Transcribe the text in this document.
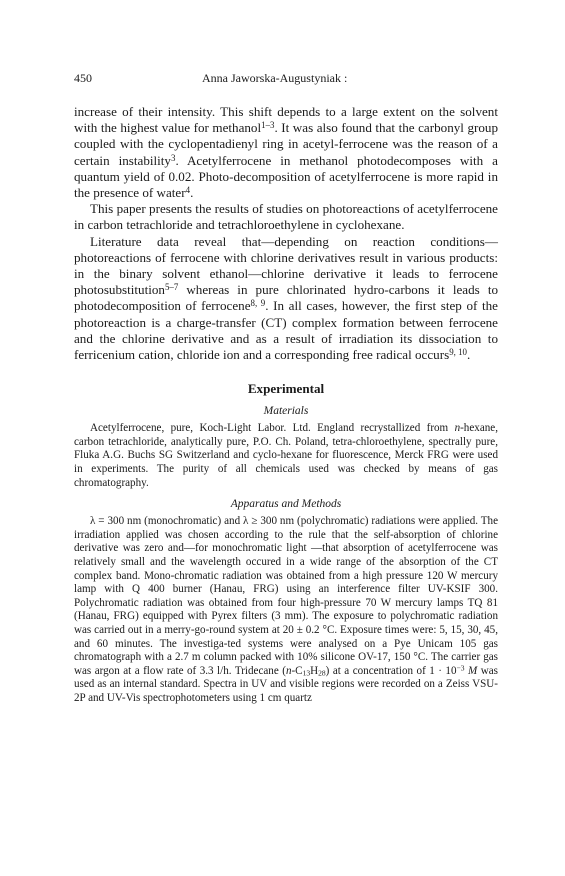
450	Anna Jaworska-Augustyniak :

increase of their intensity. This shift depends to a large extent on the solvent with the highest value for methanol$^{1-3}$. It was also found that the carbonyl group coupled with the cyclopentadienyl ring in acetyl-ferrocene was the reason of a certain instability$^3$. Acetylferrocene in methanol photodecomposes with a quantum yield of 0.02. Photo-decomposition of acetylferrocene is more rapid in the presence of water$^4$.

This paper presents the results of studies on photoreactions of acetylferrocene in carbon tetrachloride and tetrachloroethylene in cyclohexane.

Literature data reveal that—depending on reaction conditions—photoreactions of ferrocene with chlorine derivatives result in various products: in the binary solvent ethanol—chlorine derivative it leads to ferrocene photosubstitution$^{5-7}$ whereas in pure chlorinated hydro-carbons it leads to photodecomposition of ferrocene$^{8, 9}$. In all cases, however, the first step of the photoreaction is a charge-transfer (CT) complex formation between ferrocene and the chlorine derivative and as a result of irradiation its dissociation to ferricenium cation, chloride ion and a corresponding free radical occurs$^{9, 10}$.

Experimental
Materials

Acetylferrocene, pure, Koch-Light Labor. Ltd. England recrystallized from n-hexane, carbon tetrachloride, analytically pure, P.O. Ch. Poland, tetra-chloroethylene, spectrally pure, Fluka A.G. Buchs SG Switzerland and cyclo-hexane for fluorescence, Merck FRG were used in experiments. The purity of all chemicals used was checked by means of gas chromatography.

Apparatus and Methods

λ = 300 nm (monochromatic) and λ ≥ 300 nm (polychromatic) radiations were applied. The irradiation applied was chosen according to the rule that the self-absorption of chlorine derivative was zero and—for monochromatic light —that absorption of acetylferrocene was relatively small and the wavelength occured in a wide range of the absorption of the CT complex band. Mono-chromatic radiation was obtained from a high pressure 120 W mercury lamp with Q 400 burner (Hanau, FRG) using an interference filter UV-KSIF 300. Polychromatic radiation was obtained from four high-pressure 70 W mercury lamps TQ 81 (Hanau, FRG) equipped with Pyrex filters (3 mm). The exposure to polychromatic radiation was carried out in a merry-go-round system at 20 ± 0.2 °C. Exposure times were: 5, 15, 30, 45, and 60 minutes. The investiga-ted systems were analysed on a Pye Unicam 105 gas chromatograph with a 2.7 m column packed with 10% silicone OV-17, 150 °C. The carrier gas was argon at a flow rate of 3.3 l/h. Tridecane $(n-C_{13}H_{28})$ at a concentration of $1 \cdot 10^{-3}$ M was used as an internal standard. Spectra in UV and visible regions were recorded on a Zeiss VSU-2P and UV-Vis spectrophotometers using 1 cm quartz
